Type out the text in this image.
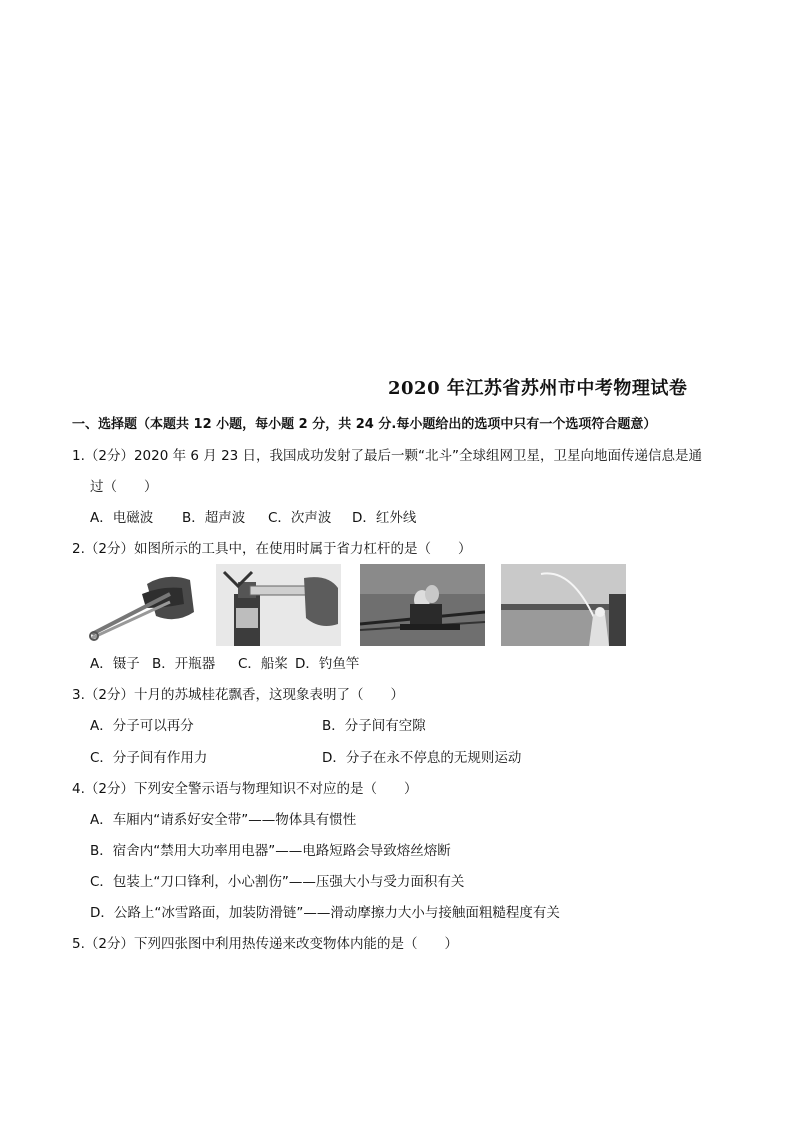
2020 年江苏省苏州市中考物理试卷
一、选择题（本题共 12 小题，每小题 2 分，共 24 分.每小题给出的选项中只有一个选项符合题意）
1.（2分）2020 年 6 月 23 日，我国成功发射了最后一颗“北斗”全球组网卫星，卫星向地面传递信息是通
过（　　）
A．电磁波 B．超声波 C．次声波 D．红外线
2.（2分）如图所示的工具中，在使用时属于省力杠杆的是（　　）
A．镊子 B．开瓶器 C．船桨 D．钓鱼竿
3.（2分）十月的苏城桂花飘香，这现象表明了（　　）
A．分子可以再分	B．分子间有空隙
C．分子间有作用力	D．分子在永不停息的无规则运动
4.（2分）下列安全警示语与物理知识不对应的是（　　）
A．车厢内“请系好安全带”——物体具有惯性
B．宿舍内“禁用大功率用电器”——电路短路会导致熔丝熔断
C．包装上“刀口锋利，小心割伤”——压强大小与受力面积有关
D．公路上“冰雪路面，加装防滑链”——滑动摩擦力大小与接触面粗糙程度有关
5.（2分）下列四张图中利用热传递来改变物体内能的是（　　）
